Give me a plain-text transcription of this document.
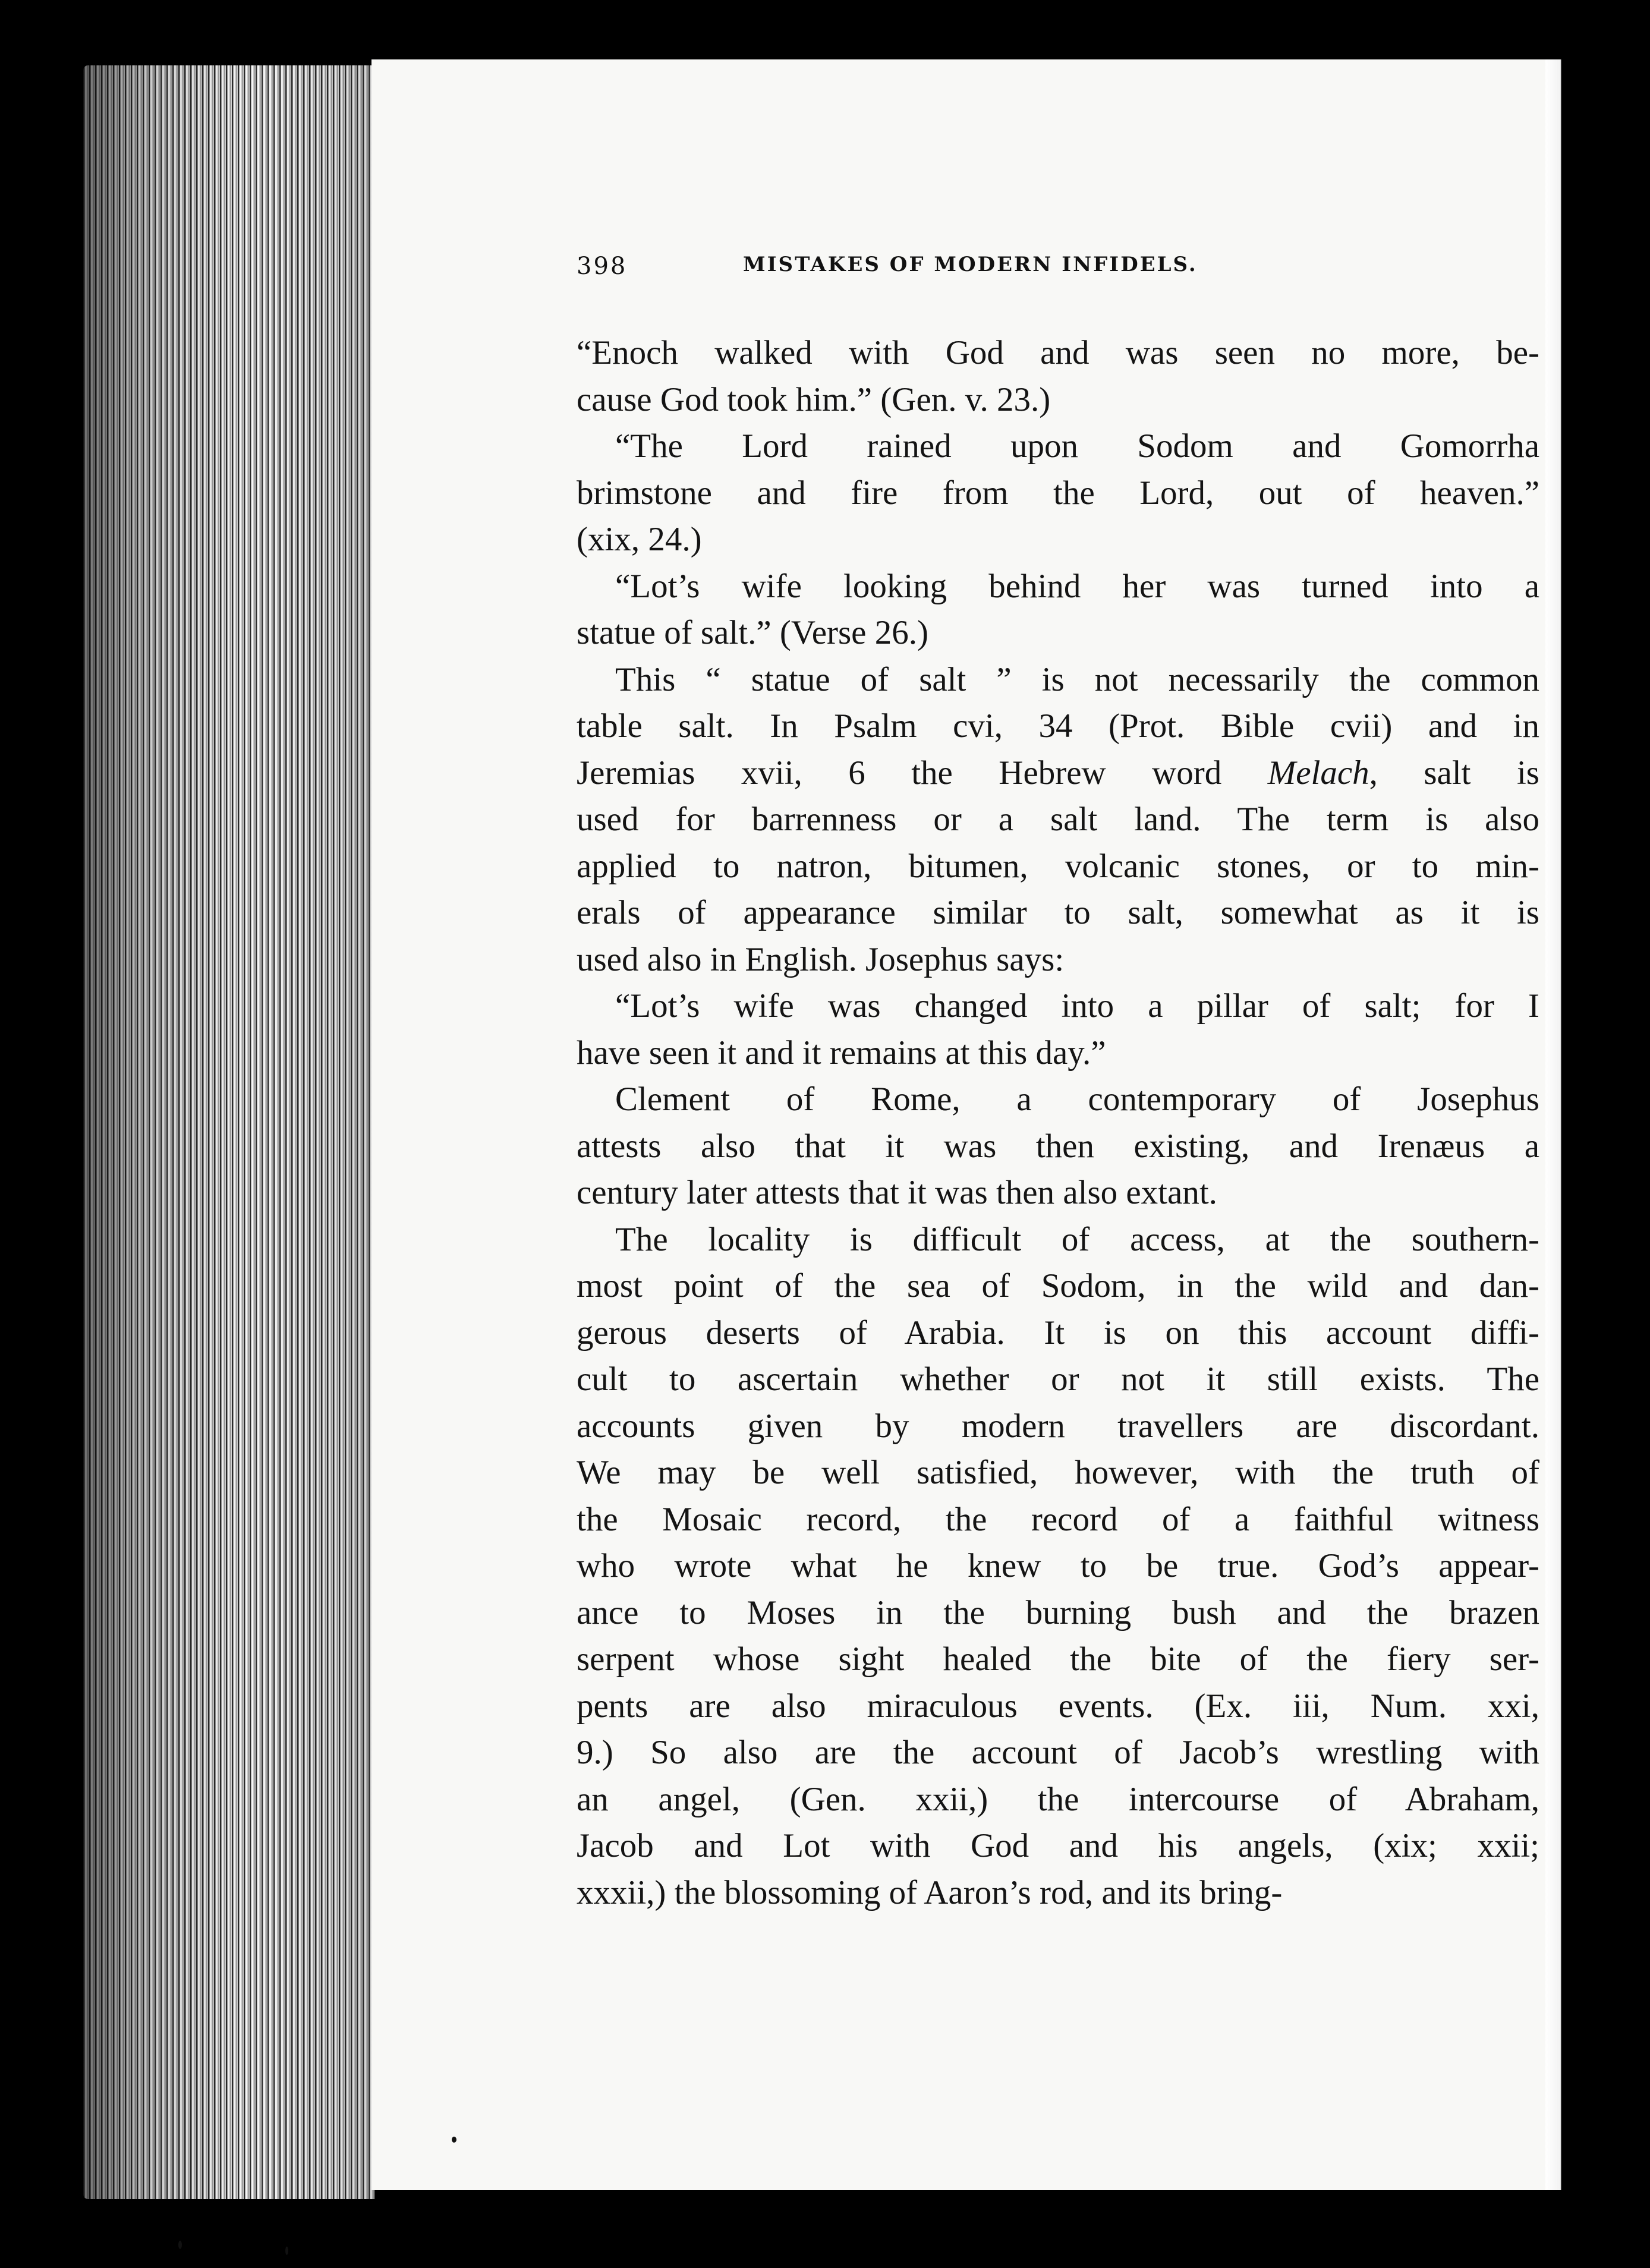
398	MISTAKES OF MODERN INFIDELS.
“Enoch walked with God and was seen no more, be-
cause God took him.” (Gen. v. 23.)
“The Lord rained upon Sodom and Gomorrha
brimstone and fire from the Lord, out of heaven.”
(xix, 24.)
“Lot’s wife looking behind her was turned into a
statue of salt.” (Verse 26.)
This “ statue of salt ” is not necessarily the common
table salt. In Psalm cvi, 34 (Prot. Bible cvii) and in
Jeremias xvii, 6 the Hebrew word Melach, salt is
used for barrenness or a salt land. The term is also
applied to natron, bitumen, volcanic stones, or to min-
erals of appearance similar to salt, somewhat as it is
used also in English. Josephus says:
“Lot’s wife was changed into a pillar of salt; for I
have seen it and it remains at this day.”
Clement of Rome, a contemporary of Josephus
attests also that it was then existing, and Irenæus a
century later attests that it was then also extant.
The locality is difficult of access, at the southern-
most point of the sea of Sodom, in the wild and dan-
gerous deserts of Arabia. It is on this account diffi-
cult to ascertain whether or not it still exists. The
accounts given by modern travellers are discordant.
We may be well satisfied, however, with the truth of
the Mosaic record, the record of a faithful witness
who wrote what he knew to be true. God’s appear-
ance to Moses in the burning bush and the brazen
serpent whose sight healed the bite of the fiery ser-
pents are also miraculous events. (Ex. iii, Num. xxi,
9.) So also are the account of Jacob’s wrestling with
an angel, (Gen. xxii,) the intercourse of Abraham,
Jacob and Lot with God and his angels, (xix; xxii;
xxxii,) the blossoming of Aaron’s rod, and its bring-
